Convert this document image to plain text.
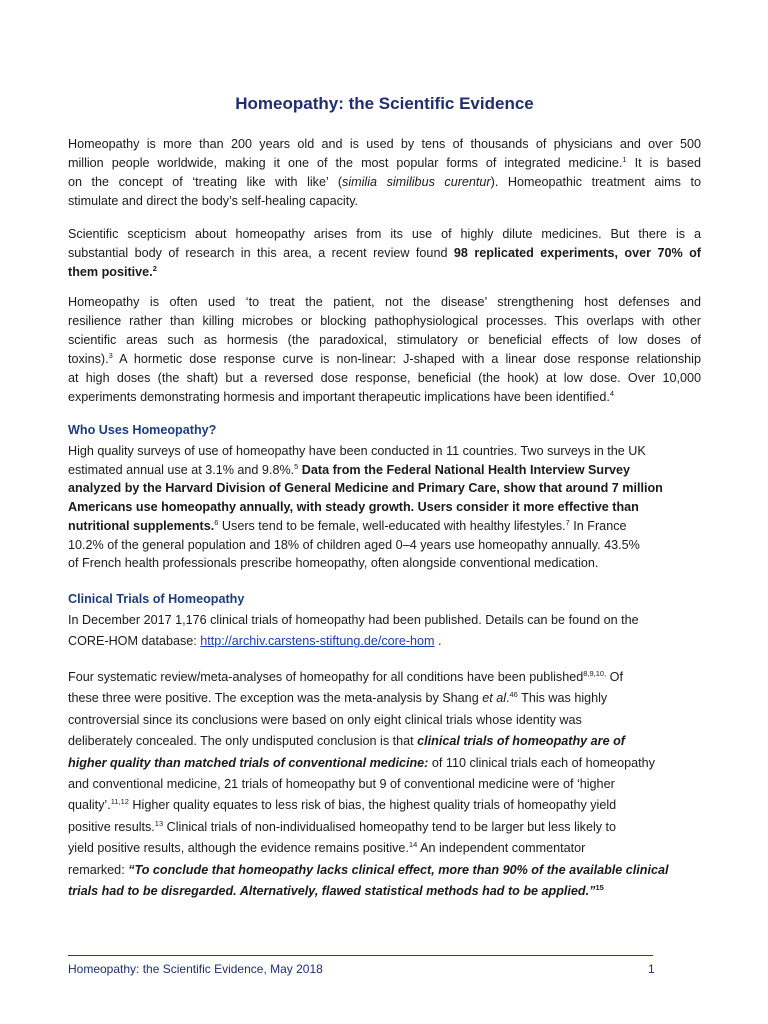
Homeopathy: the Scientific Evidence
Homeopathy is more than 200 years old and is used by tens of thousands of physicians and over 500
million people worldwide, making it one of the most popular forms of integrated medicine.$^1$ It is based
on the concept of ‘treating like with like’ (similia similibus curentur). Homeopathic treatment aims to
stimulate and direct the body’s self-healing capacity.
Scientific scepticism about homeopathy arises from its use of highly dilute medicines. But there is a
substantial body of research in this area, a recent review found 98 replicated experiments, over 70% of
them positive.$^2$
Homeopathy is often used ‘to treat the patient, not the disease’ strengthening host defenses and
resilience rather than killing microbes or blocking pathophysiological processes. This overlaps with other
scientific areas such as hormesis (the paradoxical, stimulatory or beneficial effects of low doses of
toxins).$^3$ A hormetic dose response curve is non-linear: J-shaped with a linear dose response relationship
at high doses (the shaft) but a reversed dose response, beneficial (the hook) at low dose. Over 10,000
experiments demonstrating hormesis and important therapeutic implications have been identified.$^4$
Who Uses Homeopathy?
High quality surveys of use of homeopathy have been conducted in 11 countries. Two surveys in the UK
estimated annual use at 3.1% and 9.8%.$^5$ Data from the Federal National Health Interview Survey
analyzed by the Harvard Division of General Medicine and Primary Care, show that around 7 million
Americans use homeopathy annually, with steady growth. Users consider it more effective than
nutritional supplements.$^6$ Users tend to be female, well-educated with healthy lifestyles.$^7$ In France
10.2% of the general population and 18% of children aged 0–4 years use homeopathy annually. 43.5%
of French health professionals prescribe homeopathy, often alongside conventional medication.
Clinical Trials of Homeopathy
In December 2017 1,176 clinical trials of homeopathy had been published. Details can be found on the
CORE-HOM database: http://archiv.carstens-stiftung.de/core-hom .
Four systematic review/meta-analyses of homeopathy for all conditions have been published$^{8,9,10,}$ Of
these three were positive. The exception was the meta-analysis by Shang et al.$^{46}$ This was highly
controversial since its conclusions were based on only eight clinical trials whose identity was
deliberately concealed. The only undisputed conclusion is that clinical trials of homeopathy are of
higher quality than matched trials of conventional medicine: of 110 clinical trials each of homeopathy
and conventional medicine, 21 trials of homeopathy but 9 of conventional medicine were of ‘higher
quality’.$^{11,12}$ Higher quality equates to less risk of bias, the highest quality trials of homeopathy yield
positive results.$^{13}$ Clinical trials of non-individualised homeopathy tend to be larger but less likely to
yield positive results, although the evidence remains positive.$^{14}$ An independent commentator
remarked: “To conclude that homeopathy lacks clinical effect, more than 90% of the available clinical
trials had to be disregarded. Alternatively, flawed statistical methods had to be applied.”$^{15}$
Homeopathy: the Scientific Evidence, May 2018	1
